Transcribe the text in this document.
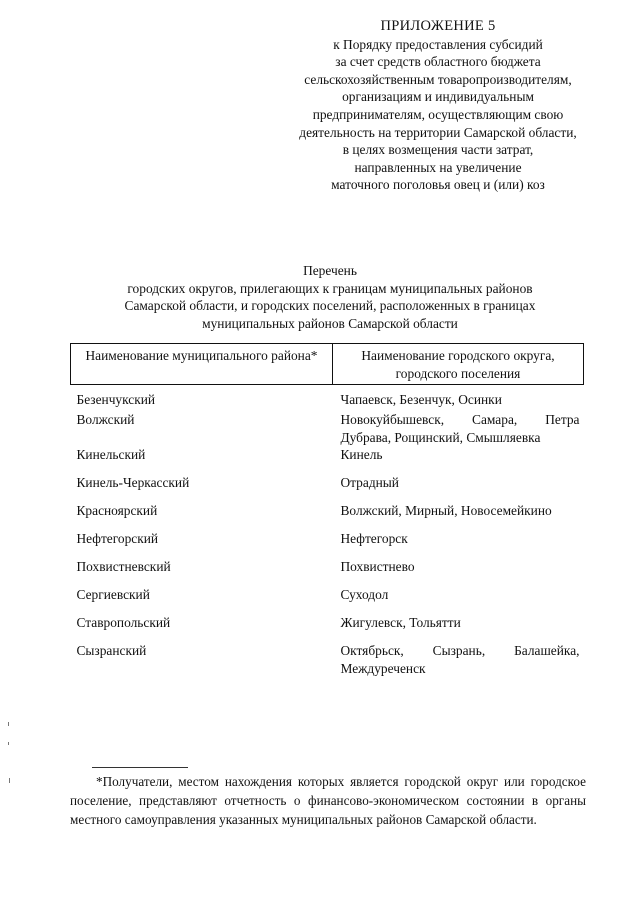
ПРИЛОЖЕНИЕ 5
к Порядку предоставления субсидий
за счет средств областного бюджета
сельскохозяйственным товаропроизводителям,
организациям и индивидуальным
предпринимателям, осуществляющим свою
деятельность на территории Самарской области,
в целях возмещения части затрат,
направленных на увеличение
маточного поголовья овец и (или) коз
Перечень
городских округов, прилегающих к границам муниципальных районов
Самарской области, и городских поселений, расположенных в границах
муниципальных районов Самарской области
Наименование муниципального района*	Наименование городского округа, городского поселения
Безенчукский	Чапаевск, Безенчук, Осинки
Волжский	Новокуйбышевск, Самара, Петра Дубрава, Рощинский, Смышляевка
Кинельский	Кинель
Кинель-Черкасский	Отрадный
Красноярский	Волжский, Мирный, Новосемейкино
Нефтегорский	Нефтегорск
Похвистневский	Похвистнево
Сергиевский	Суходол
Ставропольский	Жигулевск, Тольятти
Сызранский	Октябрьск, Сызрань, Балашейка, Междуреченск
*Получатели, местом нахождения которых является городской округ или городское поселение, представляют отчетность о финансово-экономическом состоянии в органы местного самоуправления указанных муниципальных районов Самарской области.
